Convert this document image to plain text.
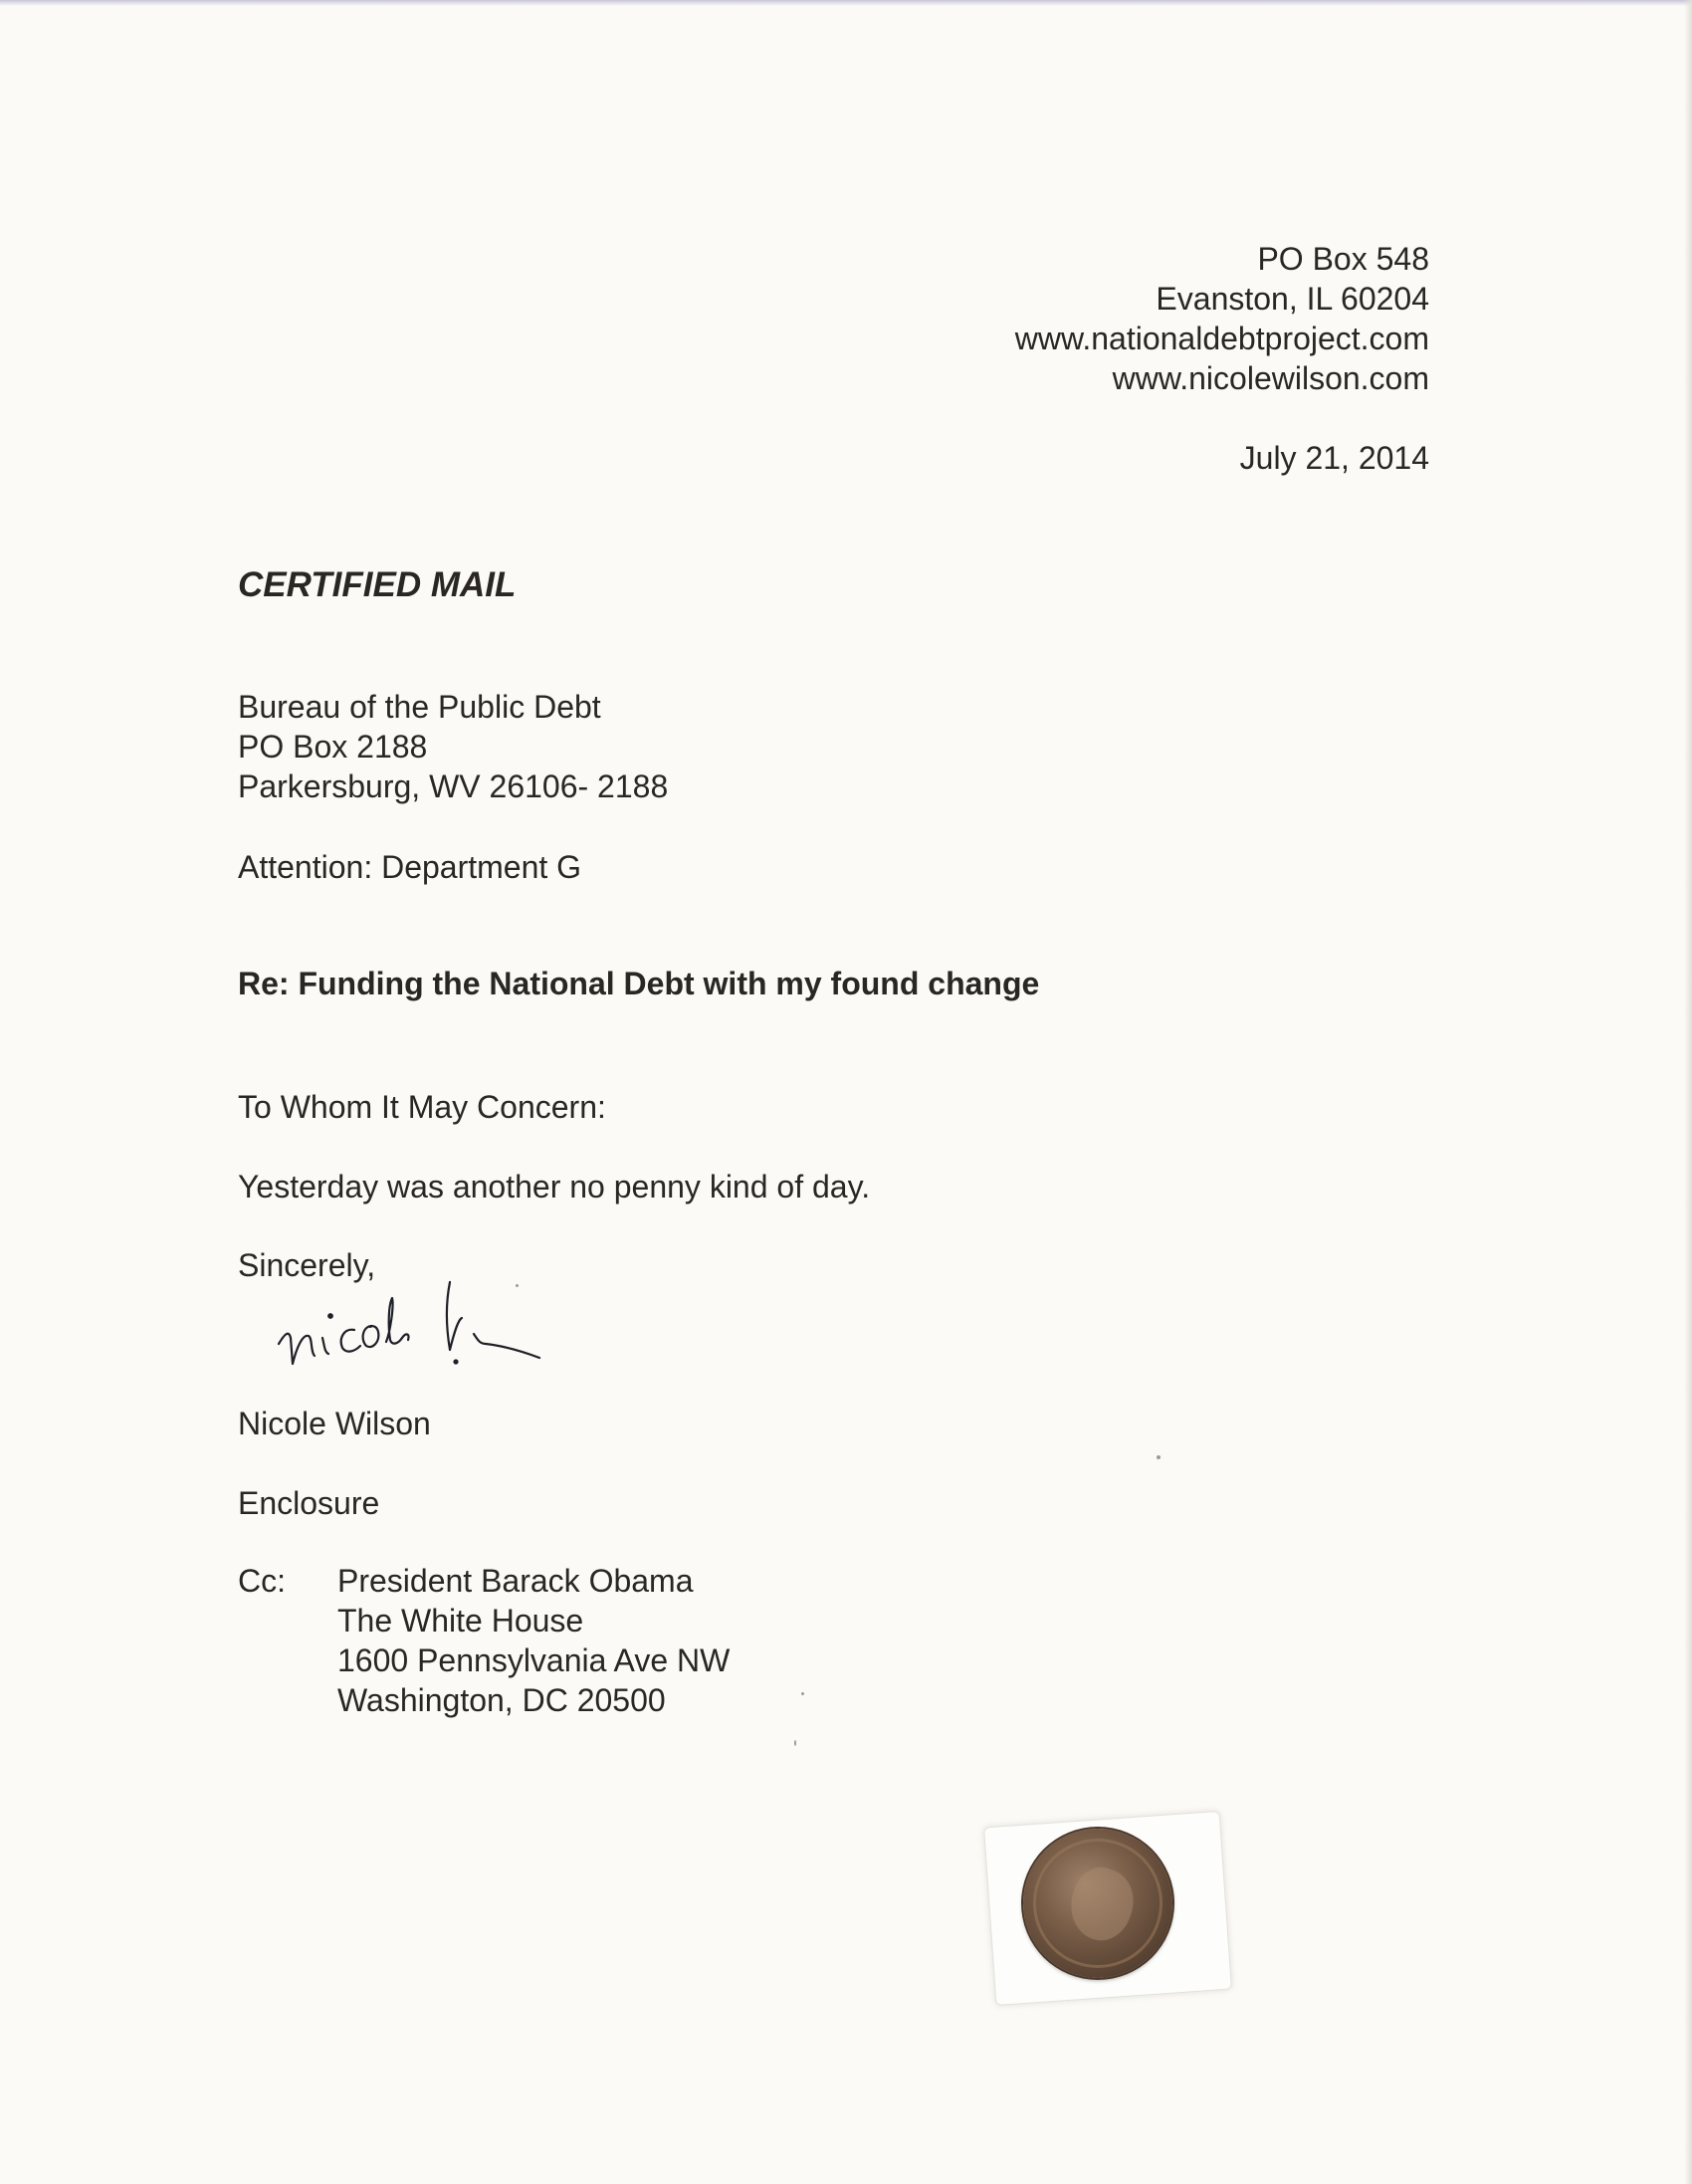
PO Box 548
Evanston, IL 60204
www.nationaldebtproject.com
www.nicolewilson.com
July 21, 2014
CERTIFIED MAIL
Bureau of the Public Debt
PO Box 2188
Parkersburg, WV 26106- 2188
Attention: Department G
Re: Funding the National Debt with my found change
To Whom It May Concern:
Yesterday was another no penny kind of day.
Sincerely,
Nicole Wilson
Enclosure
Cc: President Barack Obama
The White House
1600 Pennsylvania Ave NW
Washington, DC 20500
